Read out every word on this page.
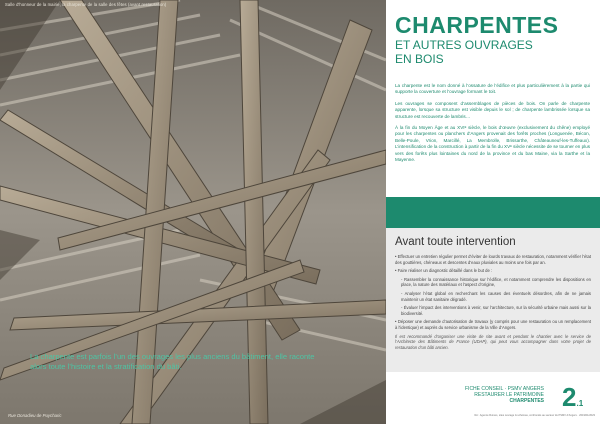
Salle d'honneur de la mairie, la charpente de la salle des fêtes (avant restauration)
La charpente est parfois l’un des ouvrages les plus anciens du bâtiment, elle raconte alors toute l’histoire et la stratification du bâti.
Rue Donadieu de Puycharic
CHARPENTES
ET AUTRES OUVRAGES
EN BOIS

La charpente est le nom donné à l’ossature de l’édifice et plus particulièrement à la partie qui supporte la couverture et l’ouvrage formant le toit.

Les ouvrages se composent d’assemblages de pièces de bois. On parle de charpente apparente, lorsque sa structure est visible depuis le sol ; de charpente lambrissée lorsque sa structure est recouverte de lambris…

À la fin du Moyen Âge et au XVIᵉ siècle, le bois d’œuvre (exclusivement du chêne) employé pour les charpentes ou planchers d’Angers provenait des forêts proches (Longuenée, Bécon, Belle-Poule, Vrion, Marcillé, La Membrolle, Brissarthe, Châteauneuf-les-Tuffeaux). L’intensification de la construction à partir de la fin du XVᵉ siècle nécessite de se tourner en plus vers des forêts plus lointaines du nord de la province et du bas Maine, via la Sarthe et la Mayenne.

Avant toute intervention

• Effectuer un entretien régulier permet d’éviter de lourds travaux de restauration, notamment vérifier l’état des gouttières, chéneaux et descentes d’eaux pluviales au moins une fois par an.

• Faire réaliser un diagnostic détaillé dans le but de :

- Rassembler la connaissance historique sur l’édifice, et notamment comprendre les dispositions en place, la nature des matériaux et l’aspect d’origine,

- Analyser l’état global en recherchant les causes des éventuels désordres, afin de ne jamais maintenir un état sanitaire dégradé.

- Évaluer l’impact des interventions à venir, sur l’architecture, sur la sécurité urbaine mais aussi sur la biodiversité.

• Déposer une demande d’autorisation de travaux (y compris pour une restauration ou un remplacement à l’identique) et auprès du service urbanisme de la Ville d’Angers.

Il est recommandé d’organiser une visite de site avant et pendant le chantier avec le service de l’Architecte des Bâtiments de France (UDAP), qui peut vous accompagner dans votre projet de restauration d’un bâti ancien.

FICHE CONSEIL · PSMV ANGERS
RESTAURER LE PATRIMOINE
CHARPENTES 2.1
Ré : Agence Ruines, sites ouvrage & schémas, confrontés au secteur du PSMV d’Angers · 2019/01/2023
